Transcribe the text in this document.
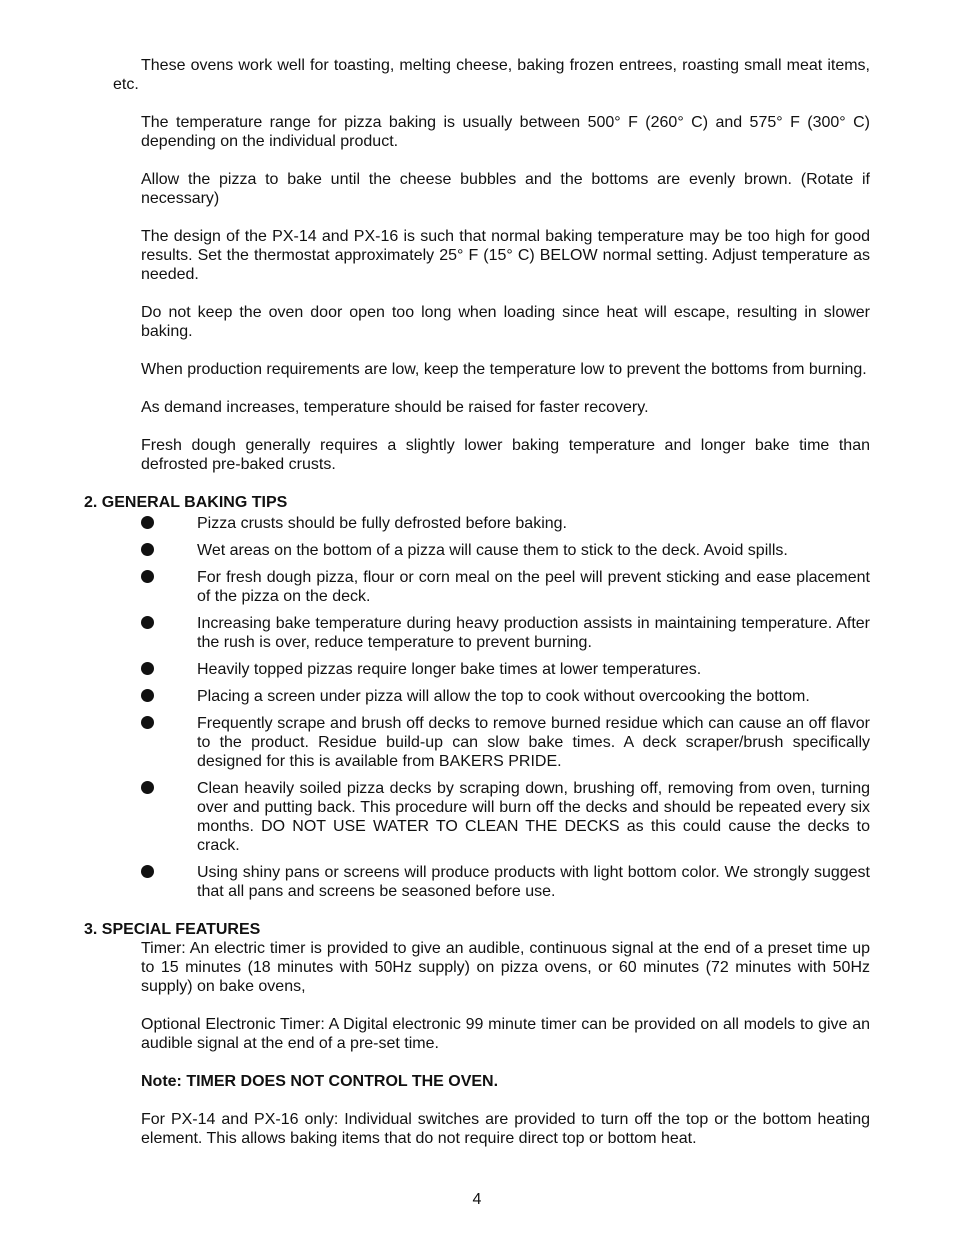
These ovens work well for toasting, melting cheese, baking frozen entrees, roasting small meat items, etc.

The temperature range for pizza baking is usually between 500° F (260° C) and 575° F (300° C) depending on the individual product.

Allow the pizza to bake until the cheese bubbles and the bottoms are evenly brown. (Rotate if necessary)

The design of the PX-14 and PX-16 is such that normal baking temperature may be too high for good results. Set the thermostat approximately 25° F (15° C) BELOW normal setting. Adjust temperature as needed.

Do not keep the oven door open too long when loading since heat will escape, resulting in slower baking.

When production requirements are low, keep the temperature low to prevent the bottoms from burning.

As demand increases, temperature should be raised for faster recovery.

Fresh dough generally requires a slightly lower baking temperature and longer bake time than defrosted pre-baked crusts.

2. GENERAL BAKING TIPS
Pizza crusts should be fully defrosted before baking.
Wet areas on the bottom of a pizza will cause them to stick to the deck. Avoid spills.
For fresh dough pizza, flour or corn meal on the peel will prevent sticking and ease placement of the pizza on the deck.
Increasing bake temperature during heavy production assists in maintaining temperature. After the rush is over, reduce temperature to prevent burning.
Heavily topped pizzas require longer bake times at lower temperatures.
Placing a screen under pizza will allow the top to cook without overcooking the bottom.
Frequently scrape and brush off decks to remove burned residue which can cause an off flavor to the product. Residue build-up can slow bake times. A deck scraper/brush specifically designed for this is available from BAKERS PRIDE.
Clean heavily soiled pizza decks by scraping down, brushing off, removing from oven, turning over and putting back. This procedure will burn off the decks and should be repeated every six months. DO NOT USE WATER TO CLEAN THE DECKS as this could cause the decks to crack.
Using shiny pans or screens will produce products with light bottom color. We strongly suggest that all pans and screens be seasoned before use.
3. SPECIAL FEATURES

Timer: An electric timer is provided to give an audible, continuous signal at the end of a preset time up to 15 minutes (18 minutes with 50Hz supply) on pizza ovens, or 60 minutes (72 minutes with 50Hz supply) on bake ovens,

Optional Electronic Timer: A Digital electronic 99 minute timer can be provided on all models to give an audible signal at the end of a pre-set time.

Note: TIMER DOES NOT CONTROL THE OVEN.

For PX-14 and PX-16 only: Individual switches are provided to turn off the top or the bottom heating element. This allows baking items that do not require direct top or bottom heat.

4
